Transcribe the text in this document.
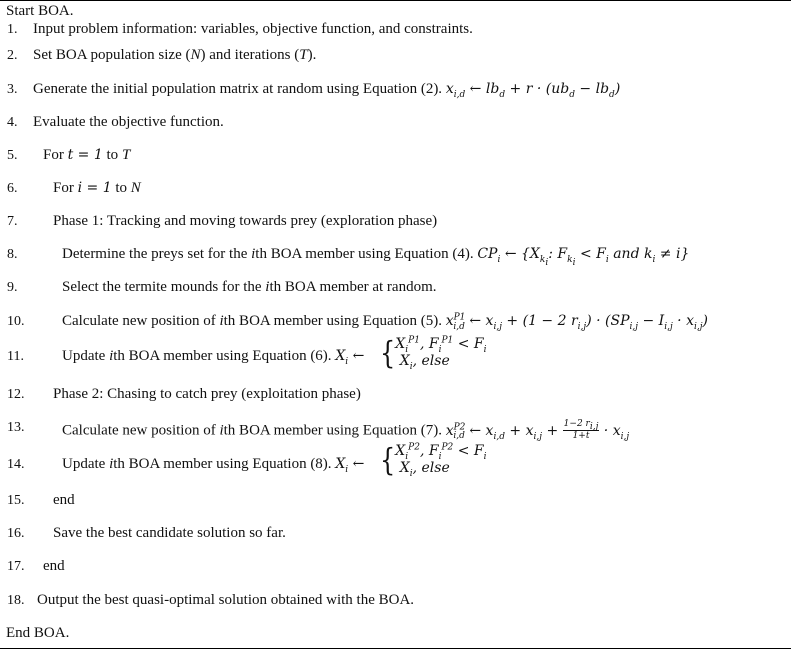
Start BOA.
1. Input problem information: variables, objective function, and constraints.
2. Set BOA population size (N) and iterations (T).
3. Generate the initial population matrix at random using Equation (2). $x_{i,d}$ ← $lb_d + r \cdot (ub_d - lb_d)$
4. Evaluate the objective function.
5. For t = 1 to T
6. For i = 1 to N
7. Phase 1: Tracking and moving towards prey (exploration phase)
8.	Determine the preys set for the ith BOA member using Equation (4). $CP_i$ ← {$X_{k_i}$: $F_{k_i} < F_i$ and $k_i \ne i$}
9.	Select the termite mounds for the ith BOA member at random.
10.	Calculate new position of ith BOA member using Equation (5). $x^{P1}_{i,d}$ ← $x_{i,j} + (1 - 2$ $r_{i,j}) \cdot (SP_{i,j} - I_{i,j} \cdot x_{i,j})$
11.	Update ith BOA member using Equation (6). $X_i$ ← {$X_i^{P1}$, $F_i^{P1} < F_i$
$X_i$, else
12. Phase 2: Chasing to catch prey (exploitation phase)
13.	Calculate new position of ith BOA member using Equation (7). $x^{P2}_{i,d}$ ← $x_{i,d} + x_{i,j} + \frac{1-2 r_{i,j}}{1+t} \cdot x_{i,j}$
14.	Update ith BOA member using Equation (8). $X_i$ ← {$X_i^{P2}$, $F_i^{P2} < F_i$
$X_i$, else
15. end
16. Save the best candidate solution so far.
17. end
18. Output the best quasi-optimal solution obtained with the BOA.
End BOA.
